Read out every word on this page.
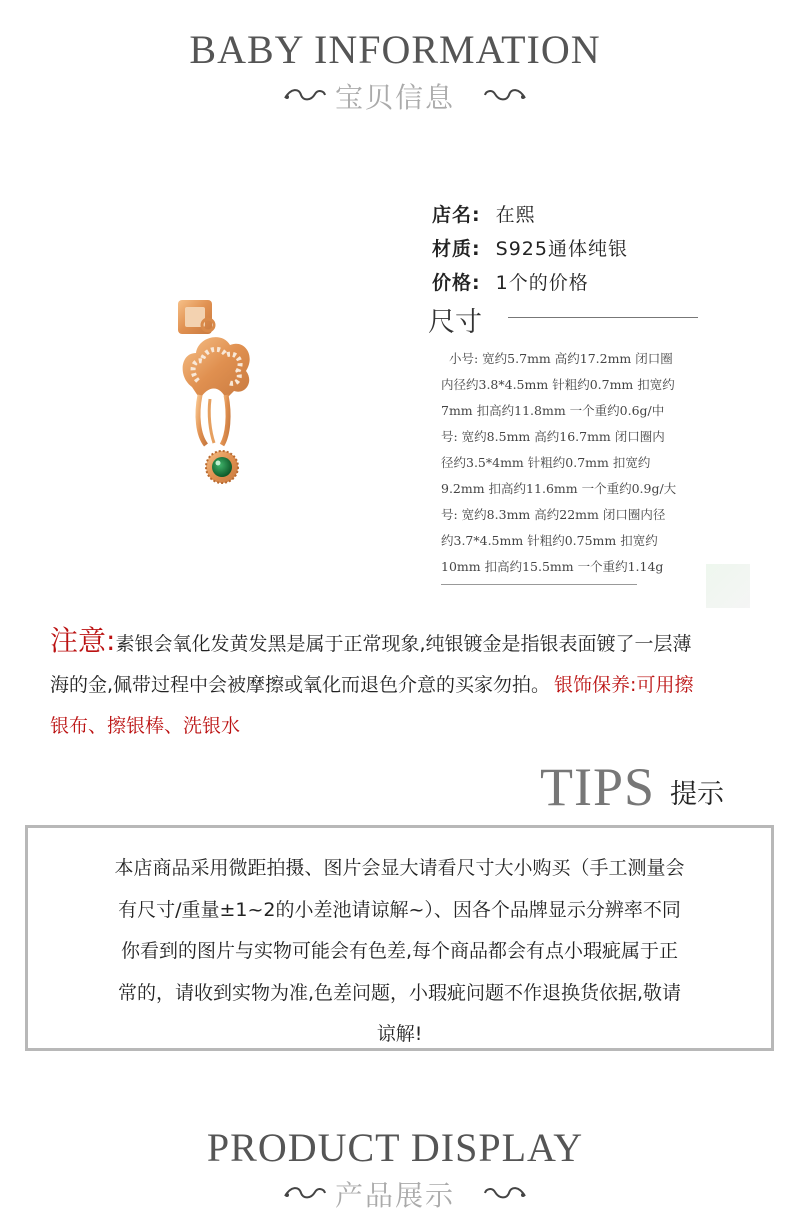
BABY INFORMATION
宝贝信息
店名: 在熙
材质: S925通体纯银
价格: 1个的价格
尺寸
小号: 宽约5.7mm 高约17.2mm 闭口圈
内径约3.8*4.5mm 针粗约0.7mm 扣宽约
7mm 扣高约11.8mm 一个重约0.6g/中
号: 宽约8.5mm 高约16.7mm 闭口圈内
径约3.5*4mm 针粗约0.7mm 扣宽约
9.2mm 扣高约11.6mm 一个重约0.9g/大
号: 宽约8.3mm 高约22mm 闭口圈内径
约3.7*4.5mm 针粗约0.75mm 扣宽约
10mm 扣高约15.5mm 一个重约1.14g
注意:素银会氧化发黄发黑是属于正常现象,纯银镀金是指银表面镀了一层薄
海的金,佩带过程中会被摩擦或氧化而退色介意的买家勿拍。 银饰保养:可用擦
银布、擦银棒、洗银水
TIPS 提示
本店商品采用微距拍摄、图片会显大请看尺寸大小购买（手工测量会
有尺寸/重量±1~2的小差池请谅解~）、因各个品牌显示分辨率不同
你看到的图片与实物可能会有色差,每个商品都会有点小瑕疵属于正
常的，请收到实物为准,色差问题，小瑕疵问题不作退换货依据,敬请
谅解!
PRODUCT DISPLAY
产品展示
